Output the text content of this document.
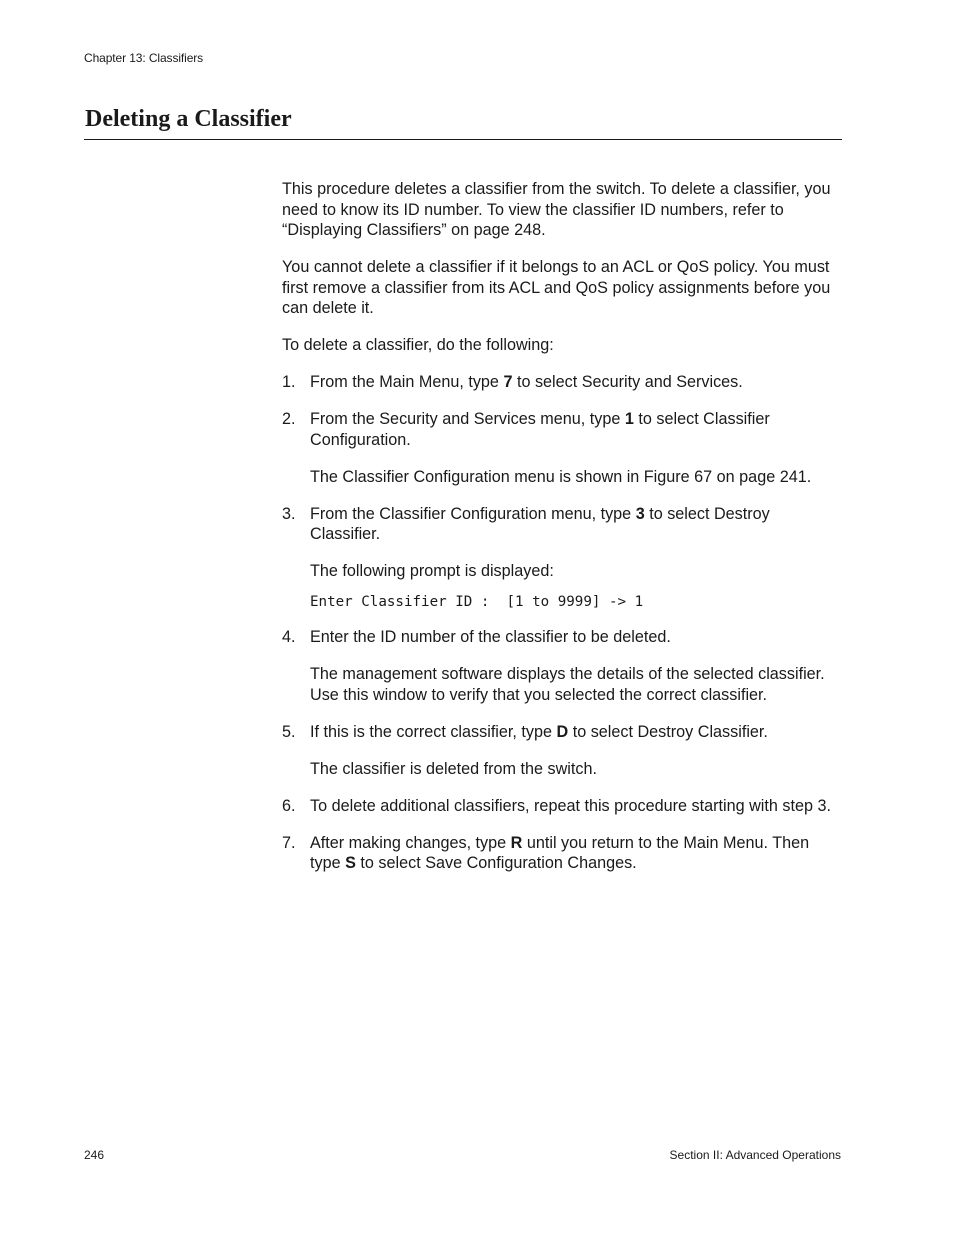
Chapter 13: Classifiers
Deleting a Classifier

This procedure deletes a classifier from the switch. To delete a classifier, you need to know its ID number. To view the classifier ID numbers, refer to “Displaying Classifiers” on page 248.

You cannot delete a classifier if it belongs to an ACL or QoS policy. You must first remove a classifier from its ACL and QoS policy assignments before you can delete it.

To delete a classifier, do the following:

1. From the Main Menu, type 7 to select Security and Services.

2. From the Security and Services menu, type 1 to select Classifier Configuration.

The Classifier Configuration menu is shown in Figure 67 on page 241.

3. From the Classifier Configuration menu, type 3 to select Destroy Classifier.

The following prompt is displayed:

Enter Classifier ID :  [1 to 9999] -> 1
4. Enter the ID number of the classifier to be deleted.

The management software displays the details of the selected classifier. Use this window to verify that you selected the correct classifier.

5. If this is the correct classifier, type D to select Destroy Classifier.

The classifier is deleted from the switch.

6. To delete additional classifiers, repeat this procedure starting with step 3.

7. After making changes, type R until you return to the Main Menu. Then type S to select Save Configuration Changes.

246	Section II: Advanced Operations
